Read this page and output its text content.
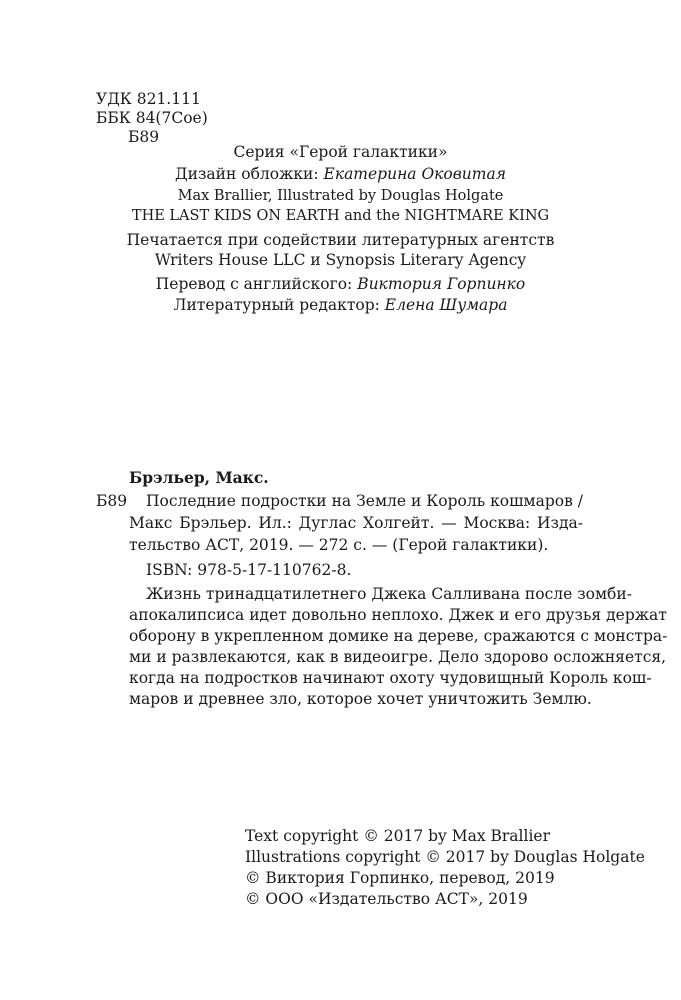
УДК 821.111
ББК 84(7Сое)
Б89
Серия «Герой галактики»
Дизайн обложки: Екатерина Оковитая
Max Brallier, Illustrated by Douglas Holgate
THE LAST KIDS ON EARTH and the NIGHTMARE KING
Печатается при содействии литературных агентств
Writers House LLC и Synopsis Literary Agency
Перевод с английского: Виктория Горпинко
Литературный редактор: Елена Шумара
Брэльер, Макс.
Б89 Последние подростки на Земле и Король кошмаров /
Макс Брэльер. Ил.: Дуглас Холгейт. — Москва: Изда-
тельство АСТ, 2019. — 272 с. — (Герой галактики).
ISBN: 978-5-17-110762-8.
Жизнь тринадцатилетнего Джека Салливана после зомби-
апокалипсиса идет довольно неплохо. Джек и его друзья держат
оборону в укрепленном домике на дереве, сражаются с монстра-
ми и развлекаются, как в видеоигре. Дело здорово осложняется,
когда на подростков начинают охоту чудовищный Король кош-
маров и древнее зло, которое хочет уничтожить Землю.
Text copyright © 2017 by Max Brallier
Illustrations copyright © 2017 by Douglas Holgate
© Виктория Горпинко, перевод, 2019
© ООО «Издательство АСТ», 2019
